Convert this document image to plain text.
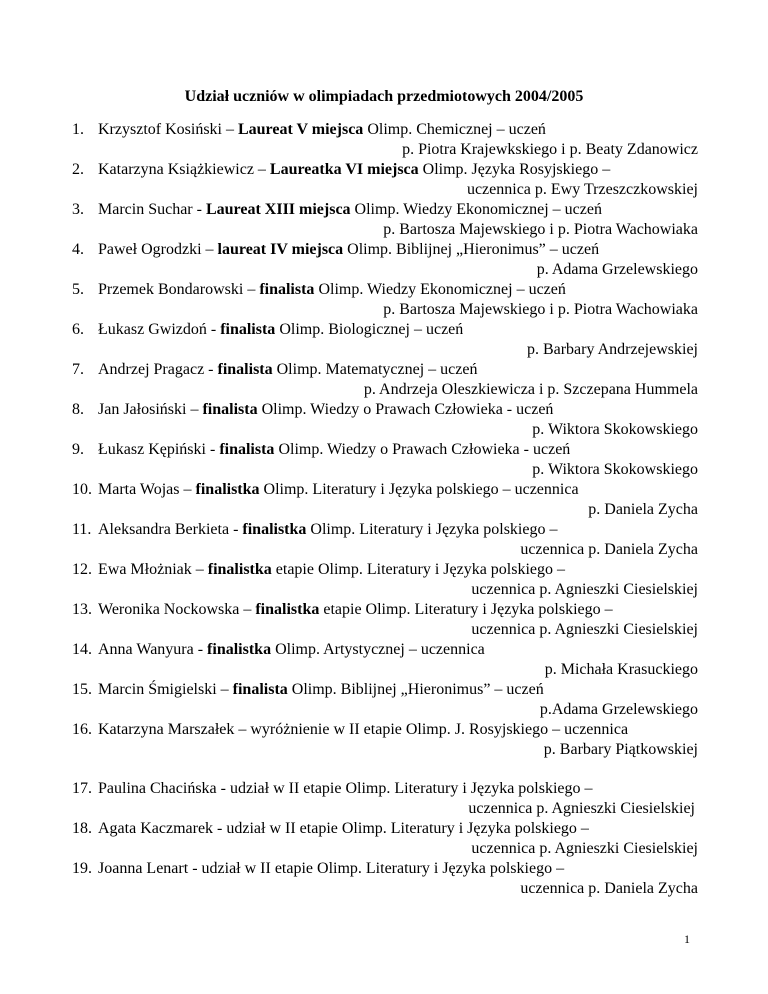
Udział uczniów w olimpiadach przedmiotowych 2004/2005
1. Krzysztof Kosiński – Laureat V miejsca Olimp. Chemicznej – uczeń
p. Piotra Krajewkskiego i p. Beaty Zdanowicz
2. Katarzyna Książkiewicz – Laureatka VI miejsca Olimp. Języka Rosyjskiego –
uczennica p. Ewy Trzeszczkowskiej
3. Marcin Suchar - Laureat XIII miejsca Olimp. Wiedzy Ekonomicznej – uczeń
p. Bartosza Majewskiego i p. Piotra Wachowiaka
4. Paweł Ogrodzki – laureat IV miejsca Olimp. Biblijnej „Hieronimus” – uczeń
p. Adama Grzelewskiego
5. Przemek Bondarowski – finalista Olimp. Wiedzy Ekonomicznej – uczeń
p. Bartosza Majewskiego i p. Piotra Wachowiaka
6. Łukasz Gwizdoń - finalista Olimp. Biologicznej – uczeń
p. Barbary Andrzejewskiej
7. Andrzej Pragacz - finalista Olimp. Matematycznej – uczeń
p. Andrzeja Oleszkiewicza i p. Szczepana Hummela
8. Jan Jałosiński – finalista Olimp. Wiedzy o Prawach Człowieka - uczeń
p. Wiktora Skokowskiego
9. Łukasz Kępiński - finalista Olimp. Wiedzy o Prawach Człowieka - uczeń
p. Wiktora Skokowskiego
10. Marta Wojas – finalistka Olimp. Literatury i Języka polskiego – uczennica
p. Daniela Zycha
11. Aleksandra Berkieta - finalistka Olimp. Literatury i Języka polskiego –
uczennica p. Daniela Zycha
12. Ewa Młożniak – finalistka etapie Olimp. Literatury i Języka polskiego –
uczennica p. Agnieszki Ciesielskiej
13. Weronika Nockowska – finalistka etapie Olimp. Literatury i Języka polskiego –
uczennica p. Agnieszki Ciesielskiej
14. Anna Wanyura - finalistka Olimp. Artystycznej – uczennica
p. Michała Krasuckiego
15. Marcin Śmigielski – finalista Olimp. Biblijnej „Hieronimus” – uczeń
p.Adama Grzelewskiego
16. Katarzyna Marszałek – wyróżnienie w II etapie Olimp. J. Rosyjskiego – uczennica
p. Barbary Piątkowskiej
17. Paulina Chacińska - udział w II etapie Olimp. Literatury i Języka polskiego –
uczennica p. Agnieszki Ciesielskiej
18. Agata Kaczmarek - udział w II etapie Olimp. Literatury i Języka polskiego –
uczennica p. Agnieszki Ciesielskiej
19. Joanna Lenart - udział w II etapie Olimp. Literatury i Języka polskiego –
uczennica p. Daniela Zycha
1
